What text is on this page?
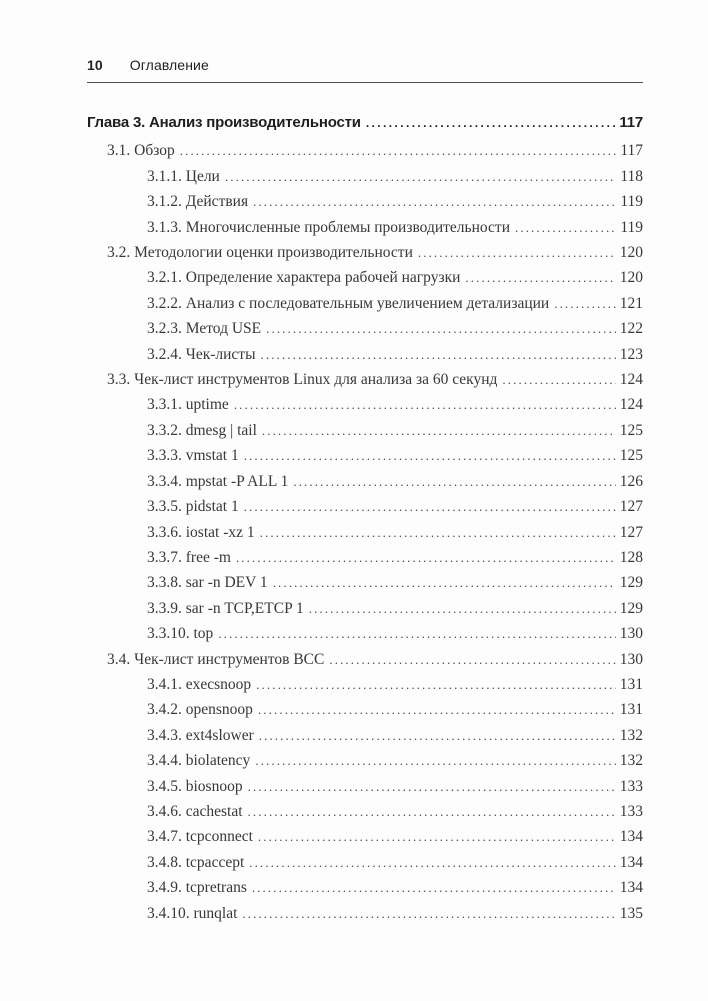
10 Оглавление
Глава 3. Анализ производительности .....	117
3.1. Обзор .....	117
3.1.1. Цели .....	118
3.1.2. Действия .....	119
3.1.3. Многочисленные проблемы производительности .....	119
3.2. Методологии оценки производительности .....	120
3.2.1. Определение характера рабочей нагрузки .....	120
3.2.2. Анализ с последовательным увеличением детализации .....	121
3.2.3. Метод USE .....	122
3.2.4. Чек-листы .....	123
3.3. Чек-лист инструментов Linux для анализа за 60 секунд .....	124
3.3.1. uptime .....	124
3.3.2. dmesg | tail .....	125
3.3.3. vmstat 1 .....	125
3.3.4. mpstat -P ALL 1 .....	126
3.3.5. pidstat 1 .....	127
3.3.6. iostat -xz 1 .....	127
3.3.7. free -m .....	128
3.3.8. sar -n DEV 1 .....	129
3.3.9. sar -n TCP,ETCP 1 .....	129
3.3.10. top .....	130
3.4. Чек-лист инструментов BCC .....	130
3.4.1. execsnoop .....	131
3.4.2. opensnoop .....	131
3.4.3. ext4slower .....	132
3.4.4. biolatency .....	132
3.4.5. biosnoop .....	133
3.4.6. cachestat .....	133
3.4.7. tcpconnect .....	134
3.4.8. tcpaccept .....	134
3.4.9. tcpretrans .....	134
3.4.10. runqlat .....	135
